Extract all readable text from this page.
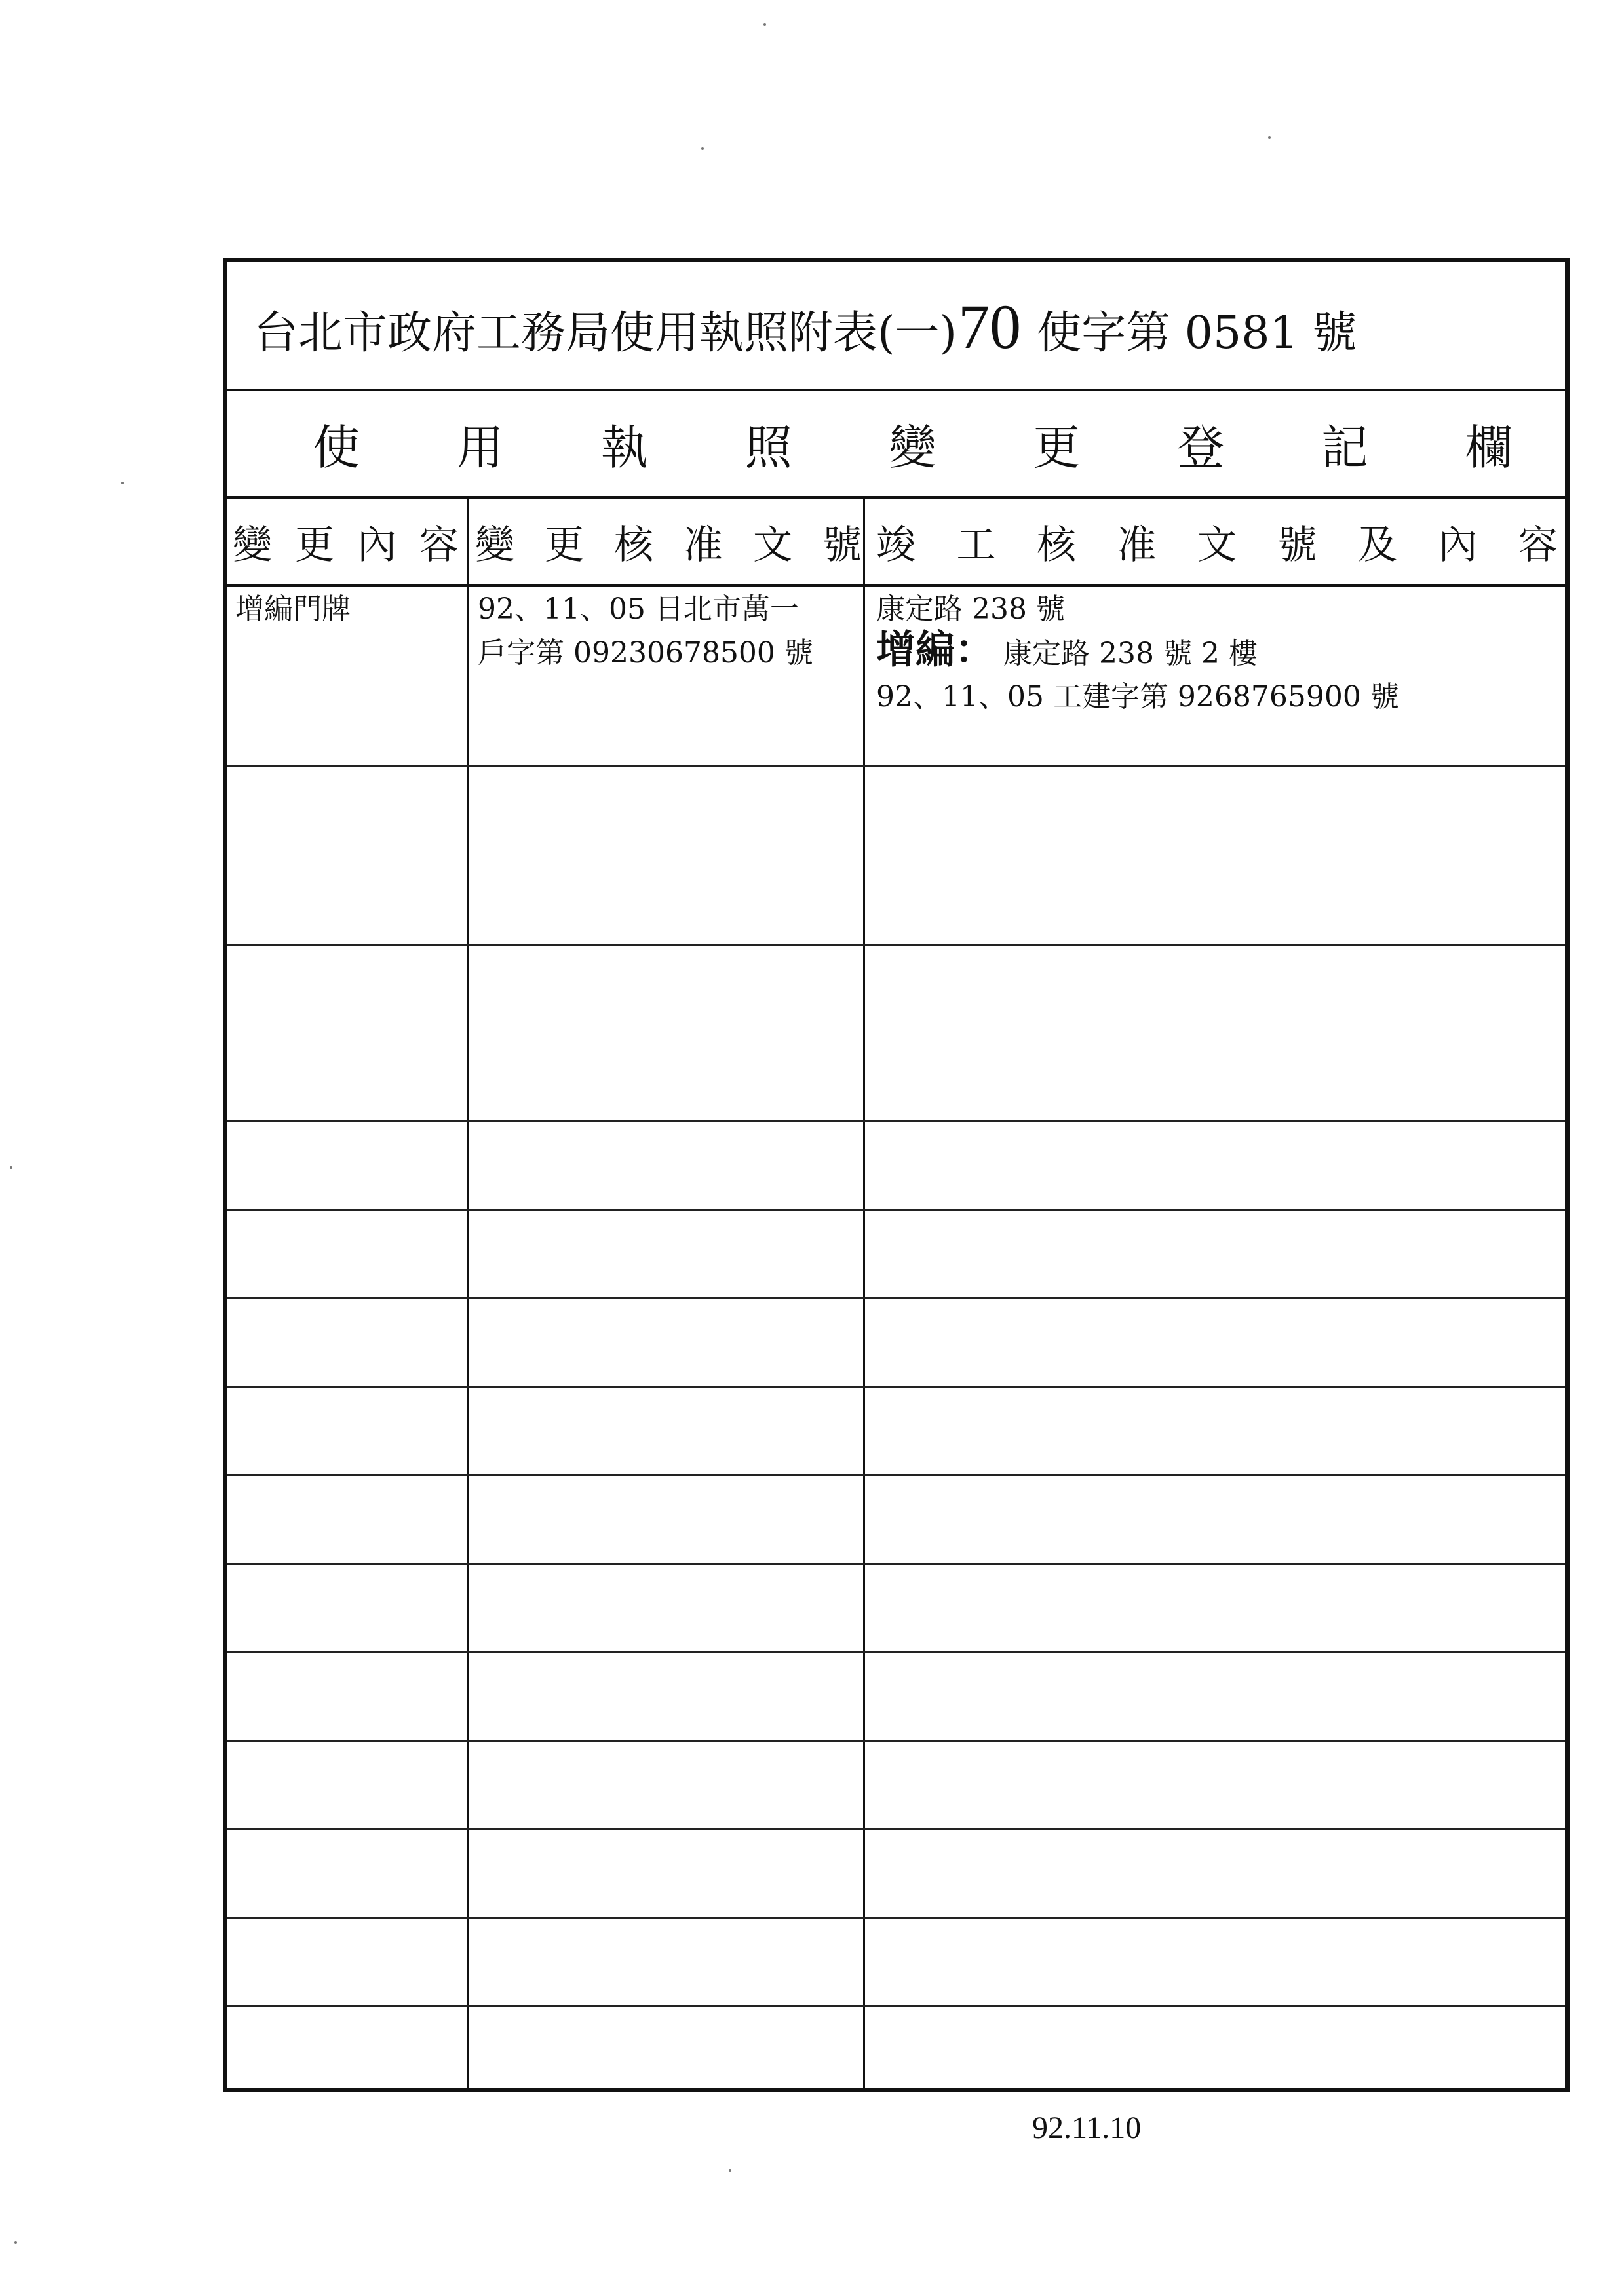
台北市政府工務局使用執照附表(一)70 使字第 0581 號
使 用 執 照 變 更 登 記 欄
變 更 內 容 變 更 核 准 文 號 竣 工 核 准 文 號 及 內 容
增編門牌	92、11、05 日北市萬一
戶字第 09230678500 號
康定路 238 號
增編： 康定路 238 號 2 樓
92、11、05 工建字第 9268765900 號
92.11.10
